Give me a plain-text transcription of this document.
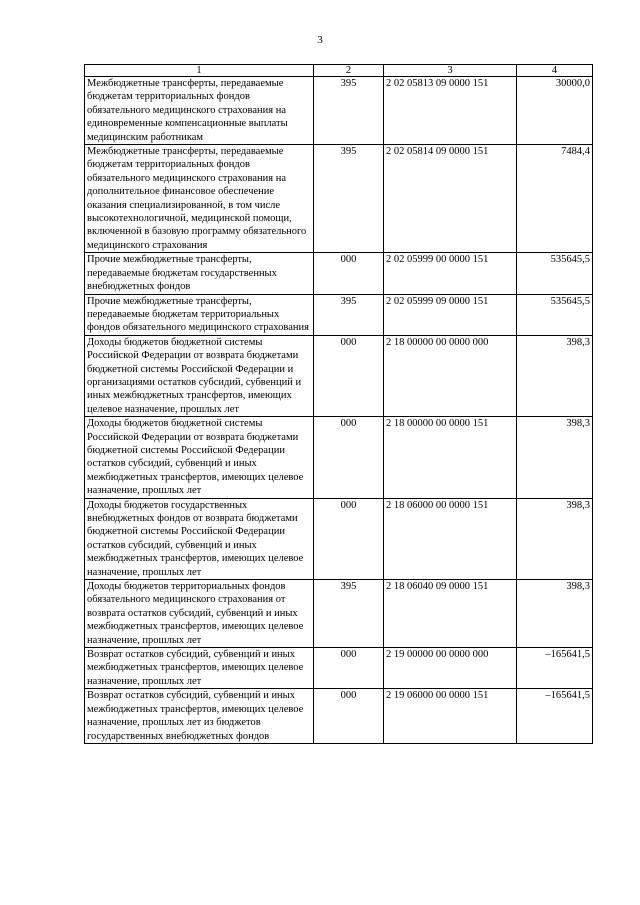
3
1	2	3	4
Межбюджетные трансферты, передаваемые бюджетам территориальных фондов обязательного медицинского страхования на единовременные компенсационные выплаты медицинским работникам	395	2 02 05813 09 0000 151	30000,0
Межбюджетные трансферты, передаваемые бюджетам территориальных фондов обязательного медицинского страхования на дополнительное финансовое обеспечение оказания специализированной, в том числе высокотехнологичной, медицинской помощи, включенной в базовую программу обязательного медицинского страхования	395	2 02 05814 09 0000 151	7484,4
Прочие межбюджетные трансферты, передаваемые бюджетам государственных внебюджетных фондов	000	2 02 05999 00 0000 151	535645,5
Прочие межбюджетные трансферты, передаваемые бюджетам территориальных фондов обязательного медицинского страхования	395	2 02 05999 09 0000 151	535645,5
Доходы бюджетов бюджетной системы Российской Федерации от возврата бюджетами бюджетной системы Российской Федерации и организациями остатков субсидий, субвенций и иных межбюджетных трансфертов, имеющих целевое назначение, прошлых лет	000	2 18 00000 00 0000 000	398,3
Доходы бюджетов бюджетной системы Российской Федерации от возврата бюджетами бюджетной системы Российской Федерации остатков субсидий, субвенций и иных межбюджетных трансфертов, имеющих целевое назначение, прошлых лет	000	2 18 00000 00 0000 151	398,3
Доходы бюджетов государственных внебюджетных фондов от возврата бюджетами бюджетной системы Российской Федерации остатков субсидий, субвенций и иных межбюджетных трансфертов, имеющих целевое назначение, прошлых лет	000	2 18 06000 00 0000 151	398,3
Доходы бюджетов территориальных фондов обязательного медицинского страхования от возврата остатков субсидий, субвенций и иных межбюджетных трансфертов, имеющих целевое назначение, прошлых лет	395	2 18 06040 09 0000 151	398,3
Возврат остатков субсидий, субвенций и иных межбюджетных трансфертов, имеющих целевое назначение, прошлых лет	000	2 19 00000 00 0000 000	–165641,5
Возврат остатков субсидий, субвенций и иных межбюджетных трансфертов, имеющих целевое назначение, прошлых лет из бюджетов государственных внебюджетных фондов	000	2 19 06000 00 0000 151	–165641,5
